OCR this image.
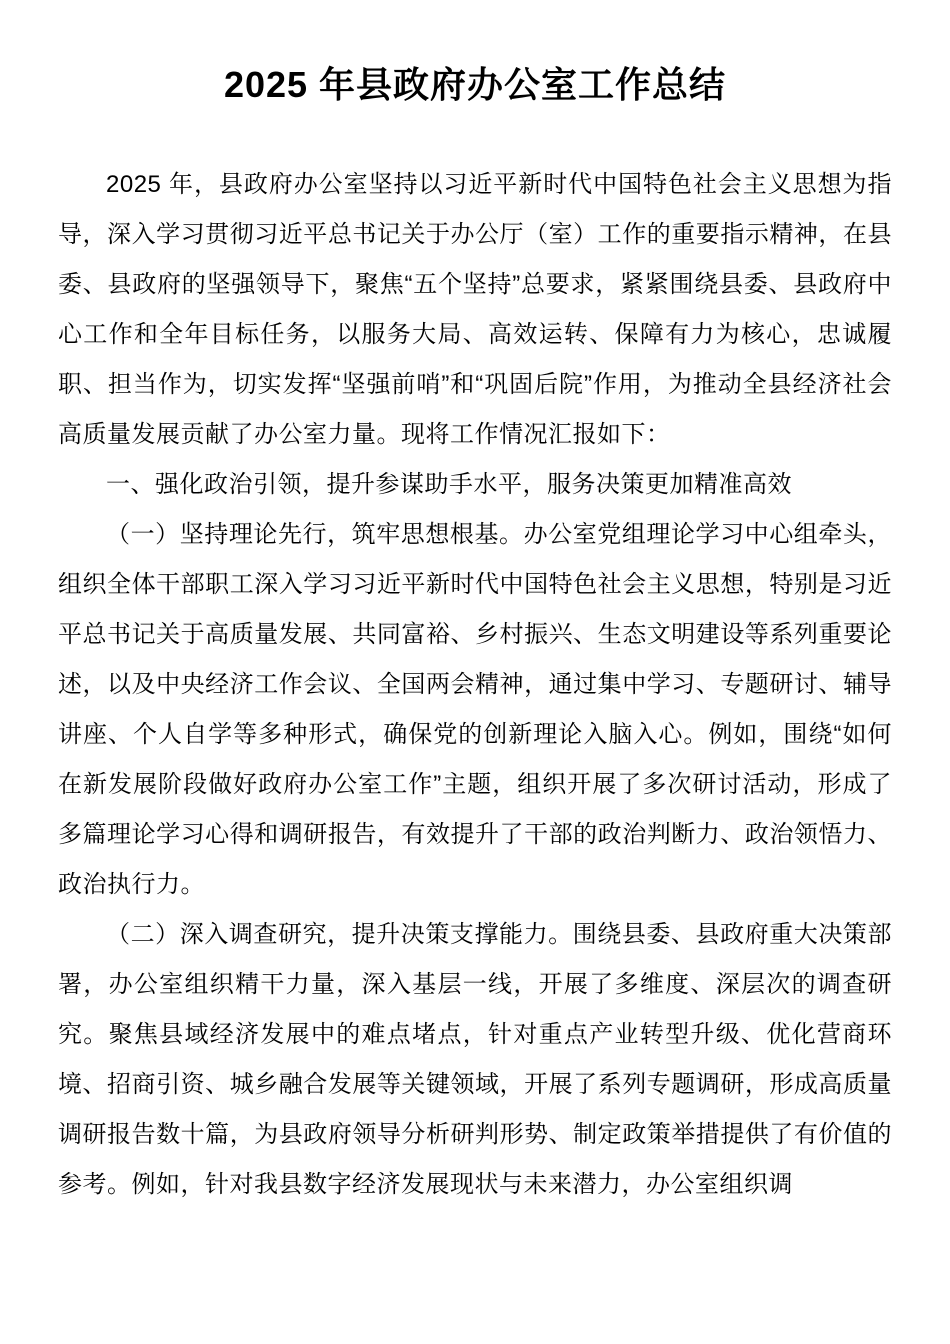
2025 年县政府办公室工作总结

2025 年，县政府办公室坚持以习近平新时代中国特色社会主义思想为指导，深入学习贯彻习近平总书记关于办公厅（室）工作的重要指示精神，在县委、县政府的坚强领导下，聚焦“五个坚持”总要求，紧紧围绕县委、县政府中心工作和全年目标任务，以服务大局、高效运转、保障有力为核心，忠诚履职、担当作为，切实发挥“坚强前哨”和“巩固后院”作用，为推动全县经济社会高质量发展贡献了办公室力量。现将工作情况汇报如下：

一、强化政治引领，提升参谋助手水平，服务决策更加精准高效

（一）坚持理论先行，筑牢思想根基。办公室党组理论学习中心组牵头，组织全体干部职工深入学习习近平新时代中国特色社会主义思想，特别是习近平总书记关于高质量发展、共同富裕、乡村振兴、生态文明建设等系列重要论述，以及中央经济工作会议、全国两会精神，通过集中学习、专题研讨、辅导讲座、个人自学等多种形式，确保党的创新理论入脑入心。例如，围绕“如何在新发展阶段做好政府办公室工作”主题，组织开展了多次研讨活动，形成了多篇理论学习心得和调研报告，有效提升了干部的政治判断力、政治领悟力、政治执行力。

（二）深入调查研究，提升决策支撑能力。围绕县委、县政府重大决策部署，办公室组织精干力量，深入基层一线，开展了多维度、深层次的调查研究。聚焦县域经济发展中的难点堵点，针对重点产业转型升级、优化营商环境、招商引资、城乡融合发展等关键领域，开展了系列专题调研，形成高质量调研报告数十篇，为县政府领导分析研判形势、制定政策举措提供了有价值的参考。例如，针对我县数字经济发展现状与未来潜力，办公室组织调
